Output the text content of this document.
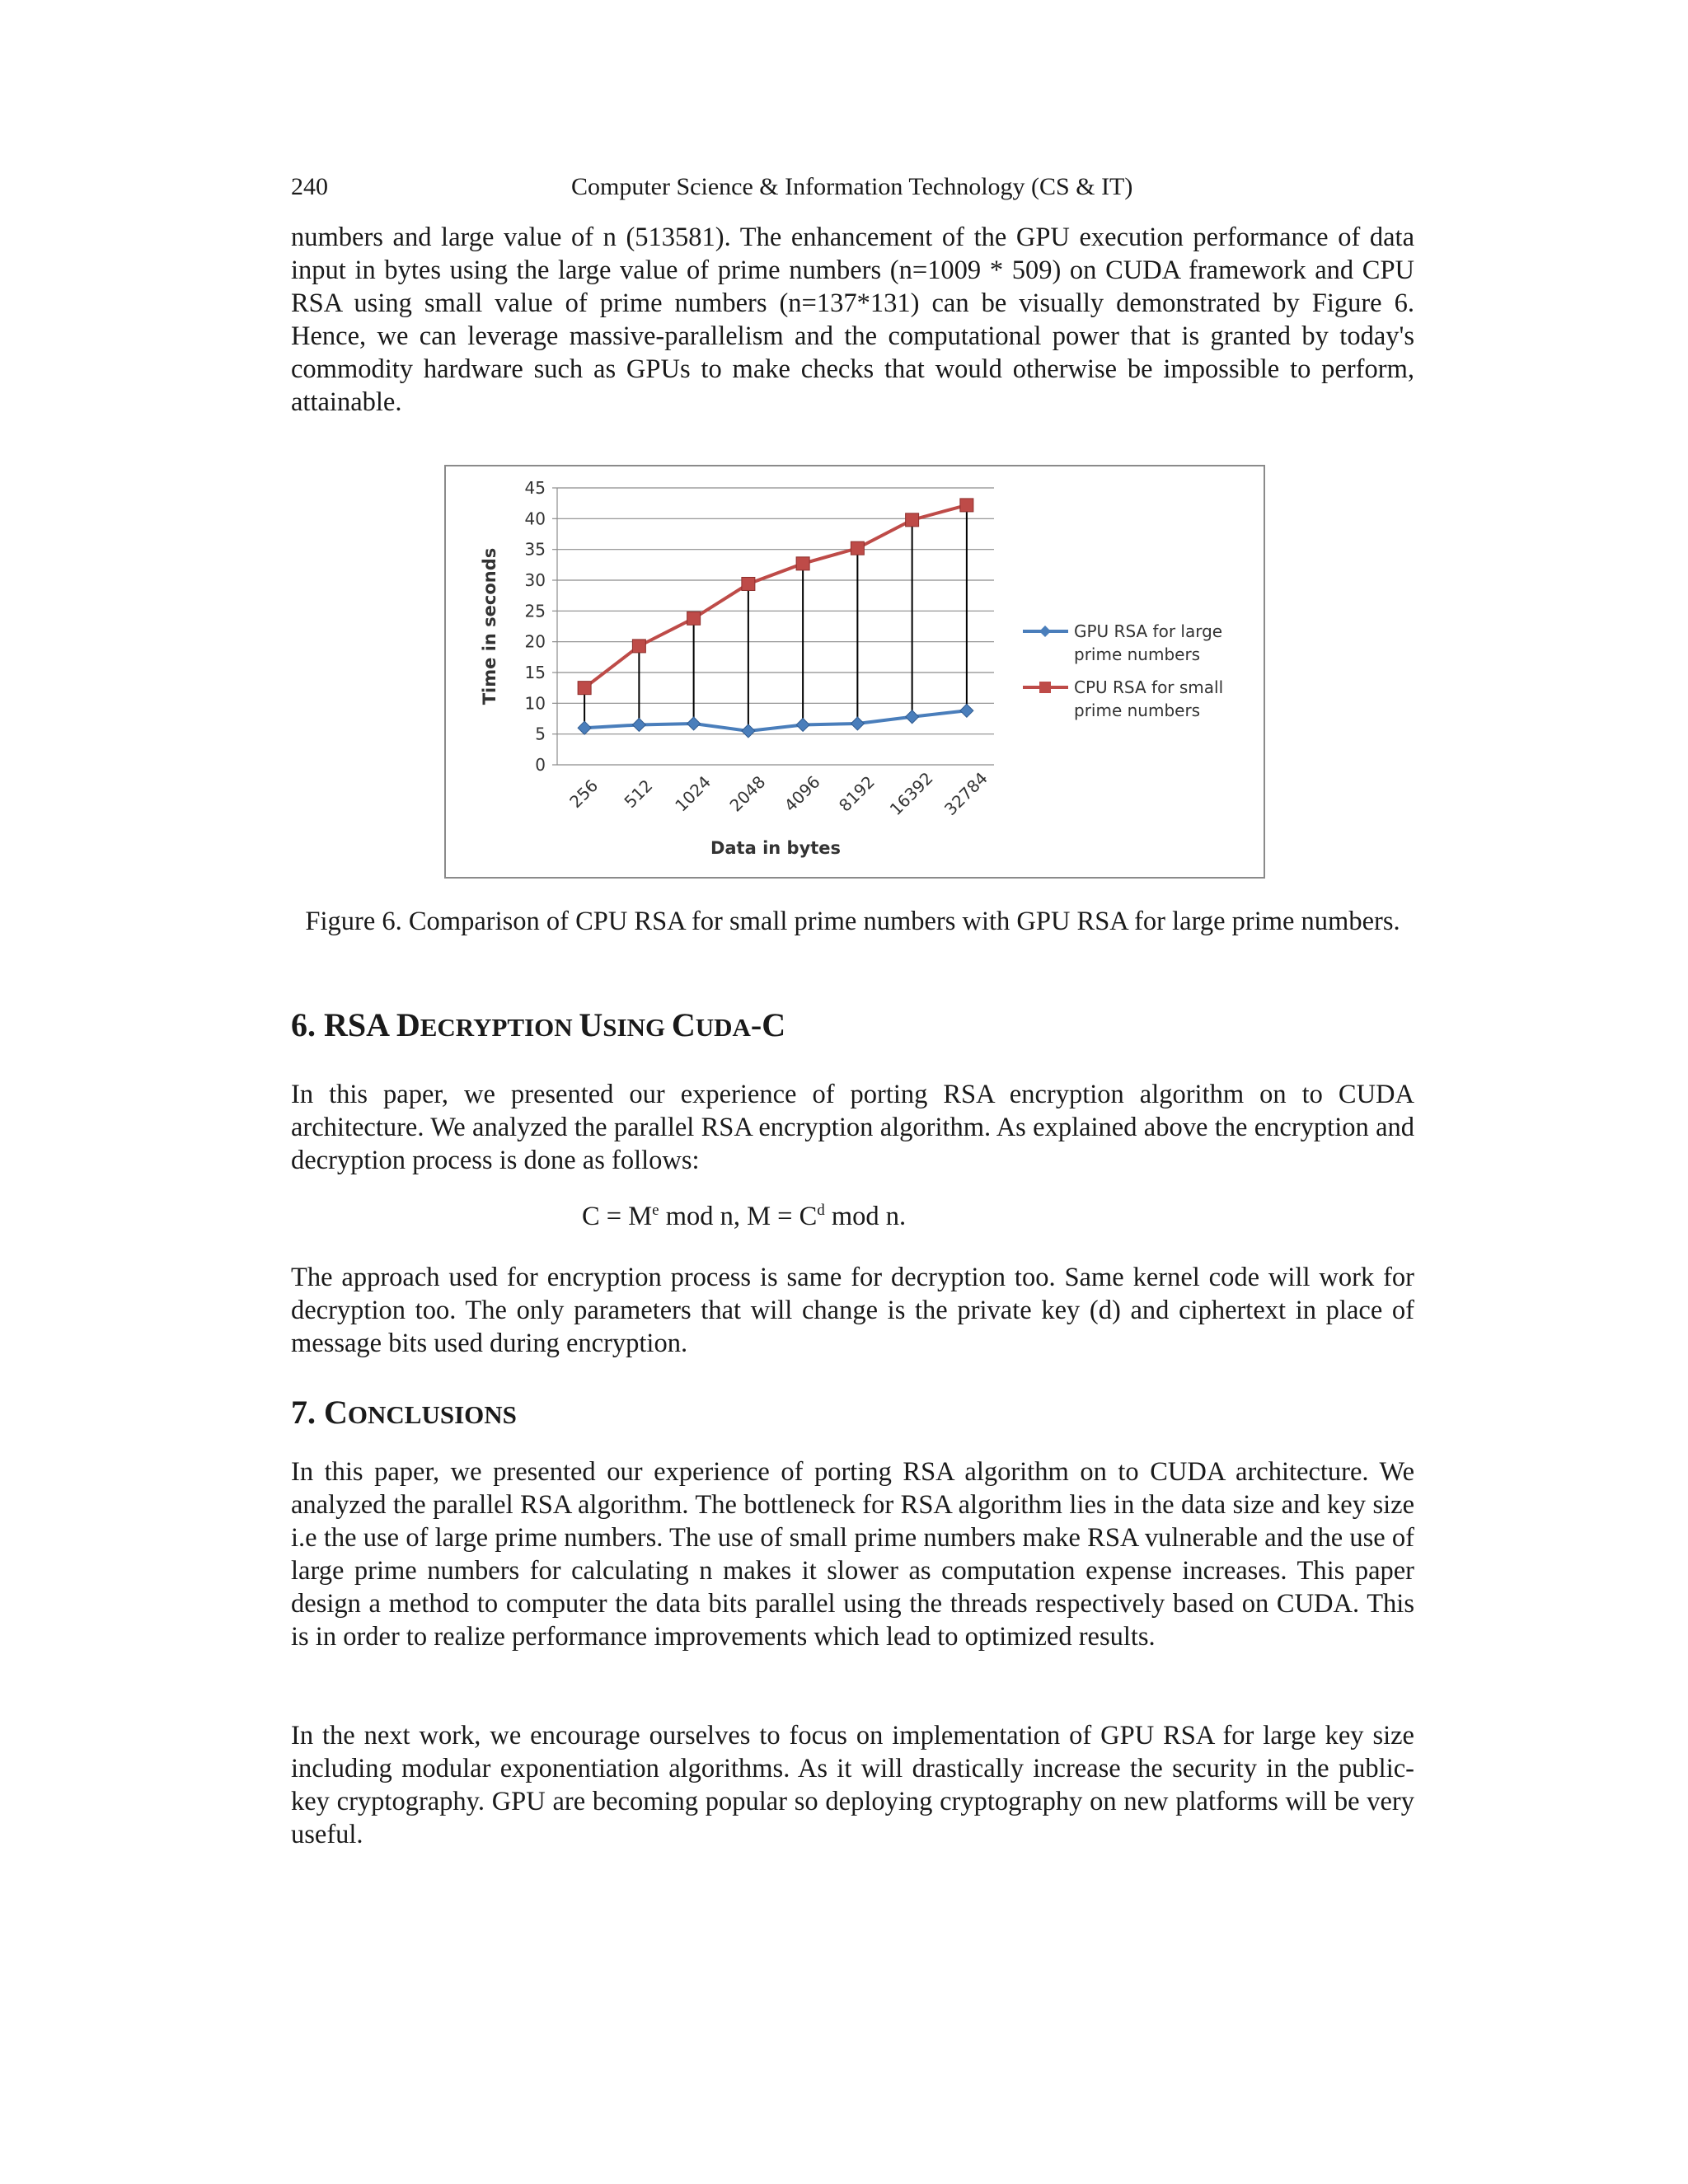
240	Computer Science & Information Technology (CS & IT)

numbers and large value of n (513581). The enhancement of the GPU execution performance of data input in bytes using the large value of prime numbers (n=1009 * 509) on CUDA framework and CPU RSA using small value of prime numbers (n=137*131) can be visually demonstrated by Figure 6. Hence, we can leverage massive-parallelism and the computational power that is granted by today's commodity hardware such as GPUs to make checks that would otherwise be impossible to perform, attainable.

0
5
10
15
20
25
30
35
40
45
256 512 1024 2048 4096 8192 16392 32784
Data in bytes
Time in seconds	GPU RSA for large
prime numbers
CPU RSA for small
prime numbers
Figure 6. Comparison of CPU RSA for small prime numbers with GPU RSA for large prime numbers.
6. RSA DECRYPTION USING CUDA-C

In this paper, we presented our experience of porting RSA encryption algorithm on to CUDA architecture. We analyzed the parallel RSA encryption algorithm. As explained above the encryption and decryption process is done as follows:

$C = M^e$ mod n, $M = C^d$ mod n.

The approach used for encryption process is same for decryption too. Same kernel code will work for decryption too. The only parameters that will change is the private key (d) and ciphertext in place of message bits used during encryption.

7. CONCLUSIONS

In this paper, we presented our experience of porting RSA algorithm on to CUDA architecture. We analyzed the parallel RSA algorithm. The bottleneck for RSA algorithm lies in the data size and key size i.e the use of large prime numbers. The use of small prime numbers make RSA vulnerable and the use of large prime numbers for calculating n makes it slower as computation expense increases. This paper design a method to computer the data bits parallel using the threads respectively based on CUDA. This is in order to realize performance improvements which lead to optimized results.

In the next work, we encourage ourselves to focus on implementation of GPU RSA for large key size including modular exponentiation algorithms. As it will drastically increase the security in the public-key cryptography. GPU are becoming popular so deploying cryptography on new platforms will be very useful.
